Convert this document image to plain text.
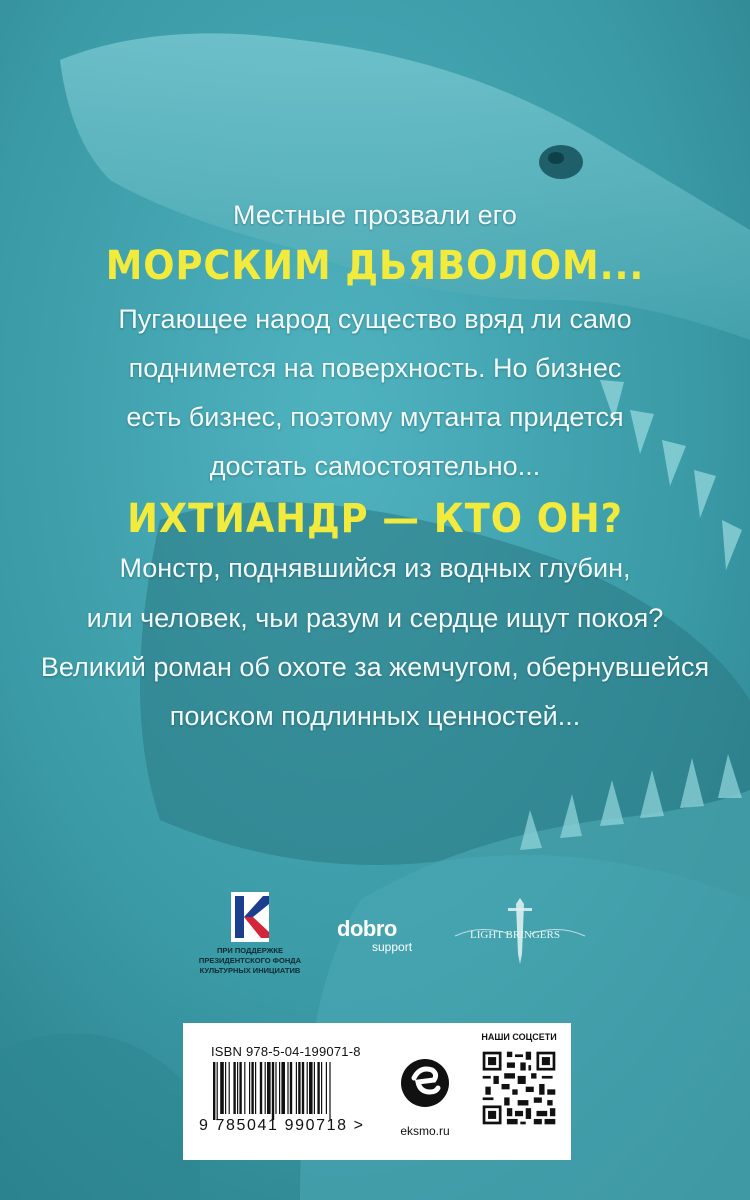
Местные прозвали его
МОРСКИМ ДЬЯВОЛОМ...
Пугающее народ существо вряд ли само
поднимется на поверхность. Но бизнес
есть бизнес, поэтому мутанта придется
достать самостоятельно...
ИХТИАНДР — КТО ОН?
Монстр, поднявшийся из водных глубин,
или человек, чьи разум и сердце ищут покоя?
Великий роман об охоте за жемчугом, обернувшейся
поиском подлинных ценностей...
ПРИ ПОДДЕРЖКЕ
ПРЕЗИДЕНТСКОГО ФОНДА
КУЛЬТУРНЫХ ИНИЦИАТИВ
dobro
support
LIGHT BRINGERS
ISBN 978-5-04-199071-8
9 785041 990718 >	eksmo.ru
НАШИ СОЦСЕТИ
